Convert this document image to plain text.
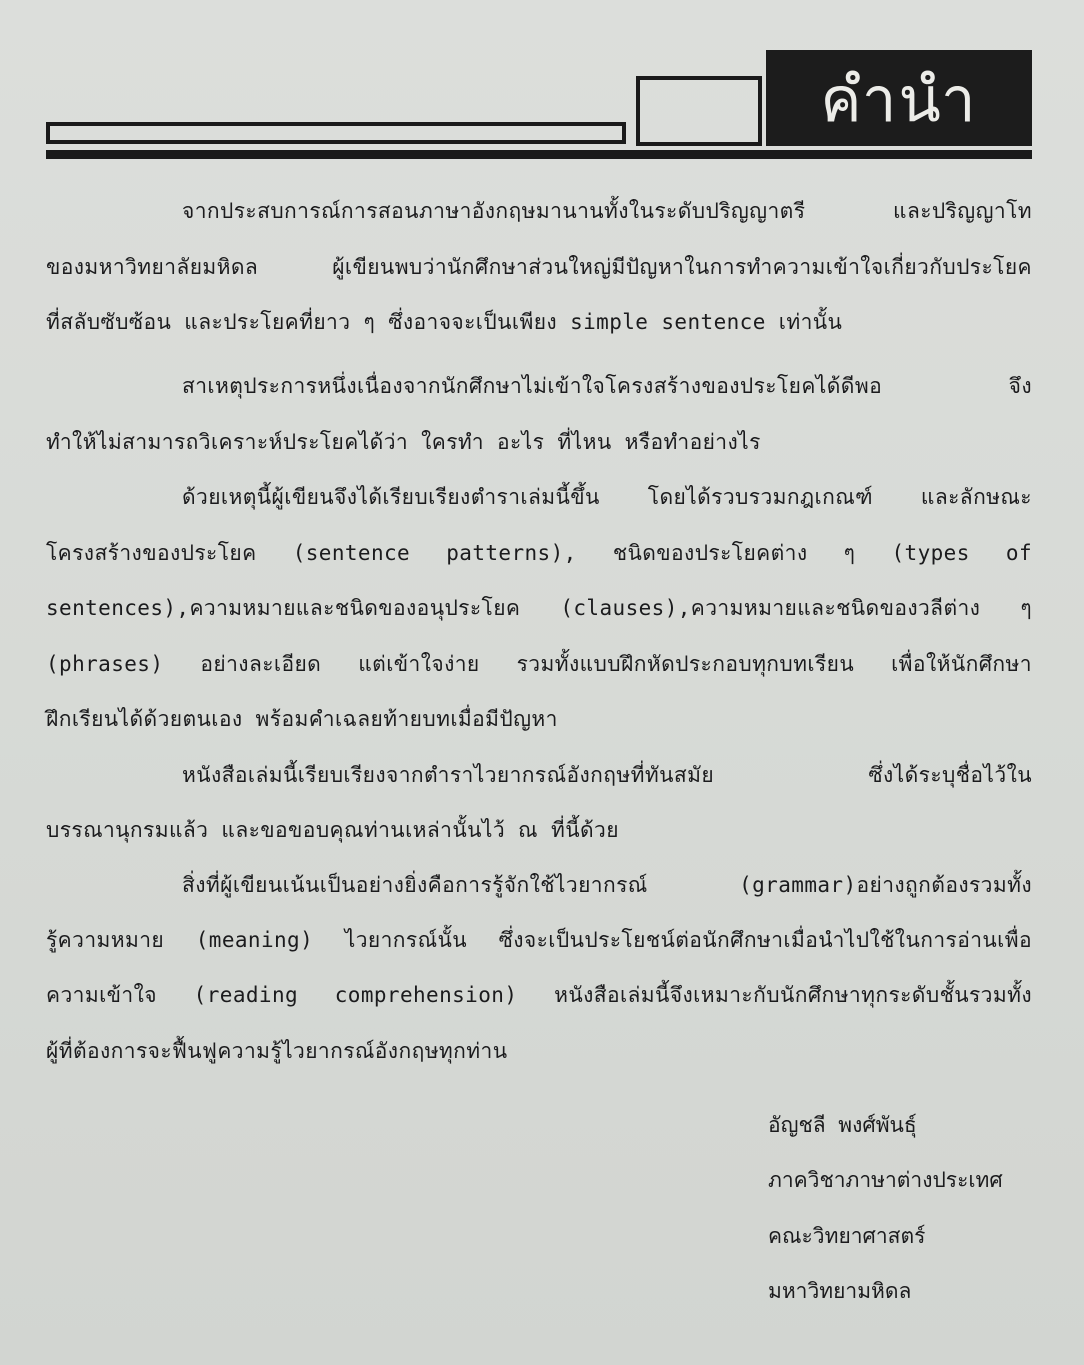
คำนำ
จากประสบการณ์การสอนภาษาอังกฤษมานานทั้งในระดับปริญญาตรี และปริญญาโท
ของมหาวิทยาลัยมหิดล ผู้เขียนพบว่านักศึกษาส่วนใหญ่มีปัญหาในการทำความเข้าใจเกี่ยวกับประโยค
ที่สลับซับซ้อน และประโยคที่ยาว ๆ ซึ่งอาจจะเป็นเพียง simple sentence เท่านั้น
สาเหตุประการหนึ่งเนื่องจากนักศึกษาไม่เข้าใจโครงสร้างของประโยคได้ดีพอ จึง
ทำให้ไม่สามารถวิเคราะห์ประโยคได้ว่า ใครทำ อะไร ที่ไหน หรือทำอย่างไร
ด้วยเหตุนี้ผู้เขียนจึงได้เรียบเรียงตำราเล่มนี้ขึ้น โดยได้รวบรวมกฎเกณฑ์ และลักษณะ
โครงสร้างของประโยค (sentence patterns), ชนิดของประโยคต่าง ๆ (types of
sentences),ความหมายและชนิดของอนุประโยค (clauses),ความหมายและชนิดของวลีต่าง ๆ
(phrases) อย่างละเอียด แต่เข้าใจง่าย รวมทั้งแบบฝึกหัดประกอบทุกบทเรียน เพื่อให้นักศึกษา
ฝึกเรียนได้ด้วยตนเอง พร้อมคำเฉลยท้ายบทเมื่อมีปัญหา
หนังสือเล่มนี้เรียบเรียงจากตำราไวยากรณ์อังกฤษที่ทันสมัย ซึ่งได้ระบุชื่อไว้ใน
บรรณานุกรมแล้ว และขอขอบคุณท่านเหล่านั้นไว้ ณ ที่นี้ด้วย
สิ่งที่ผู้เขียนเน้นเป็นอย่างยิ่งคือการรู้จักใช้ไวยากรณ์ (grammar)อย่างถูกต้องรวมทั้ง
รู้ความหมาย (meaning) ไวยากรณ์นั้น ซึ่งจะเป็นประโยชน์ต่อนักศึกษาเมื่อนำไปใช้ในการอ่านเพื่อ
ความเข้าใจ (reading comprehension) หนังสือเล่มนี้จึงเหมาะกับนักศึกษาทุกระดับชั้นรวมทั้ง
ผู้ที่ต้องการจะฟื้นฟูความรู้ไวยากรณ์อังกฤษทุกท่าน
อัญชลี พงศ์พันธุ์
ภาควิชาภาษาต่างประเทศ
คณะวิทยาศาสตร์
มหาวิทยามหิดล
